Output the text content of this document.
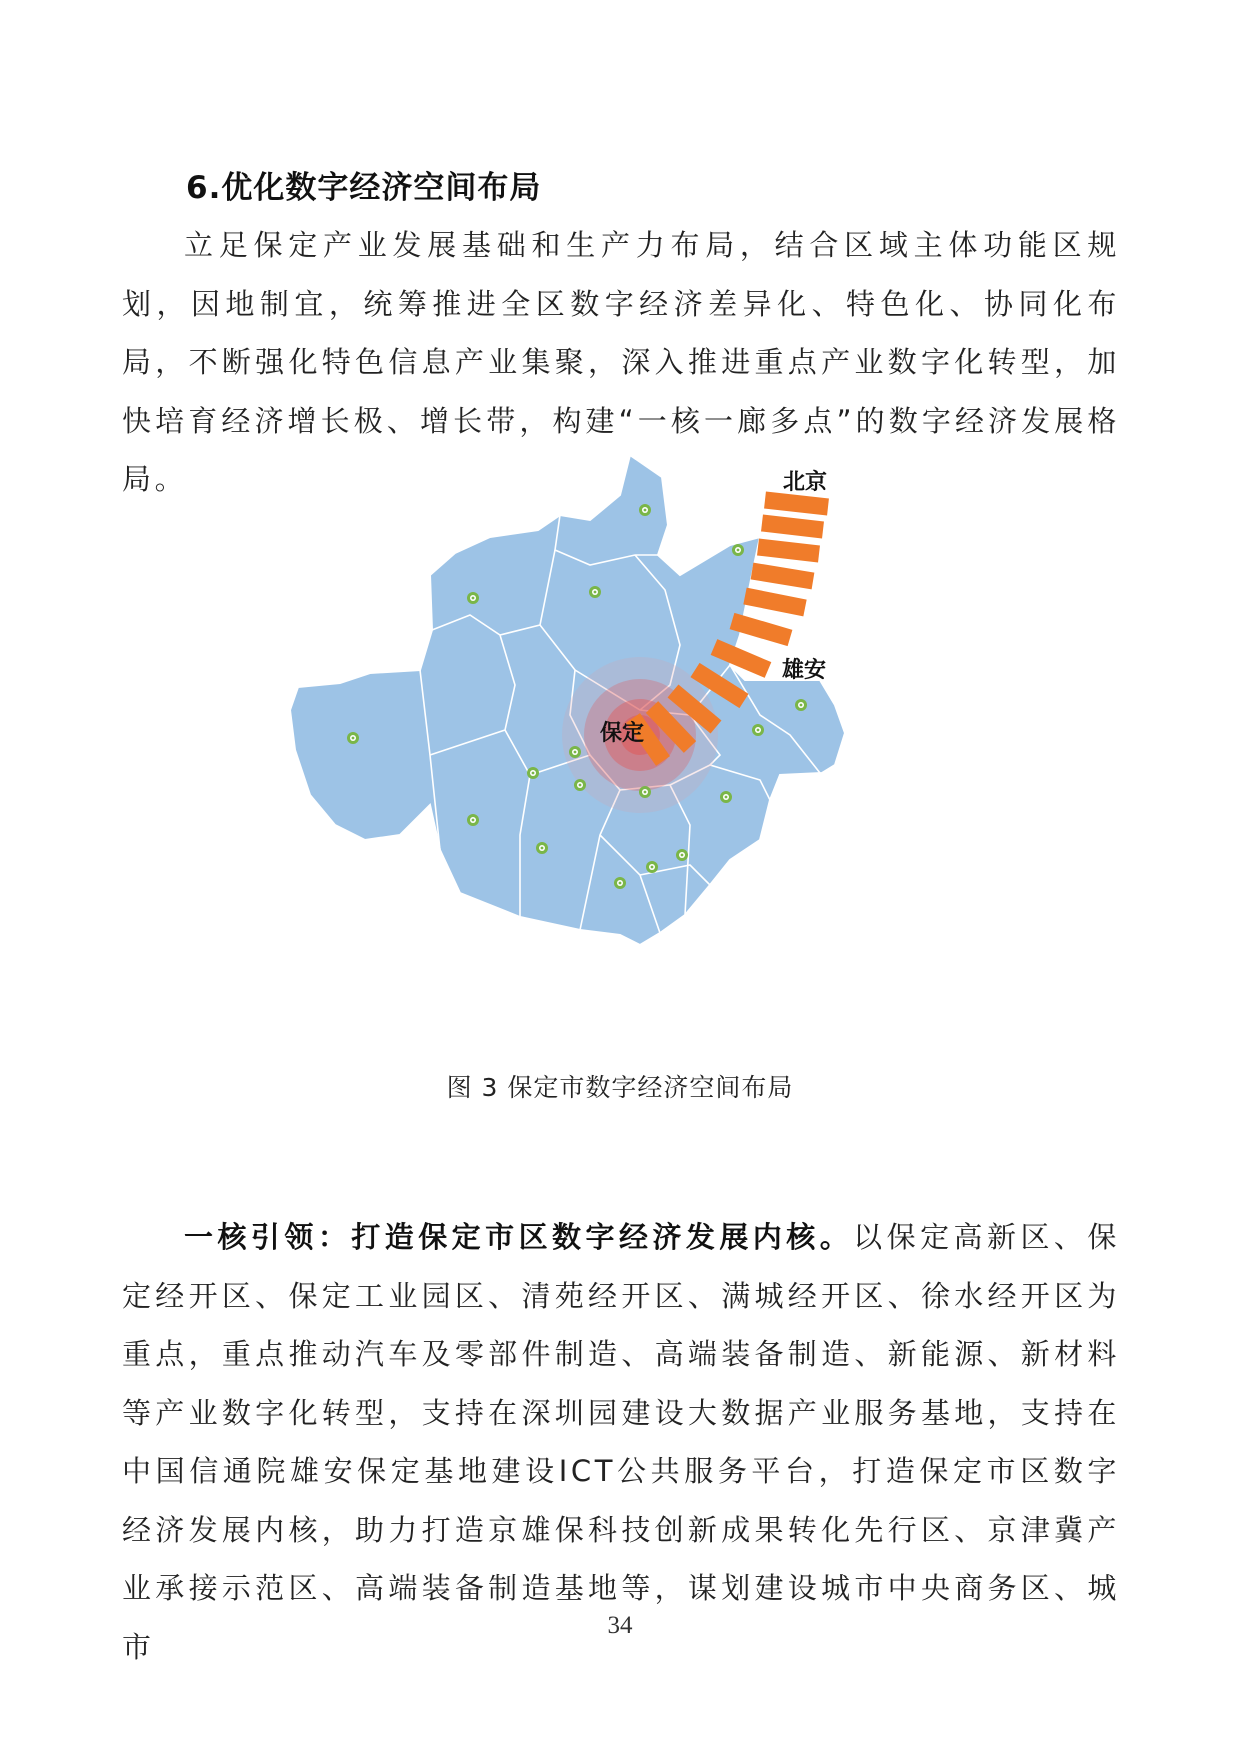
6.优化数字经济空间布局

立足保定产业发展基础和生产力布局，结合区域主体功能区规划，因地制宜，统筹推进全区数字经济差异化、特色化、协同化布局，不断强化特色信息产业集聚，深入推进重点产业数字化转型，加快培育经济增长极、增长带，构建“一核一廊多点”的数字经济发展格局。	北京
雄安
保定

图 3 保定市数字经济空间布局

一核引领：打造保定市区数字经济发展内核。以保定高新区、保定经开区、保定工业园区、清苑经开区、满城经开区、徐水经开区为重点，重点推动汽车及零部件制造、高端装备制造、新能源、新材料等产业数字化转型，支持在深圳园建设大数据产业服务基地，支持在中国信通院雄安保定基地建设ICT公共服务平台，打造保定市区数字经济发展内核，助力打造京雄保科技创新成果转化先行区、京津冀产业承接示范区、高端装备制造基地等，谋划建设城市中央商务区、城市

34
